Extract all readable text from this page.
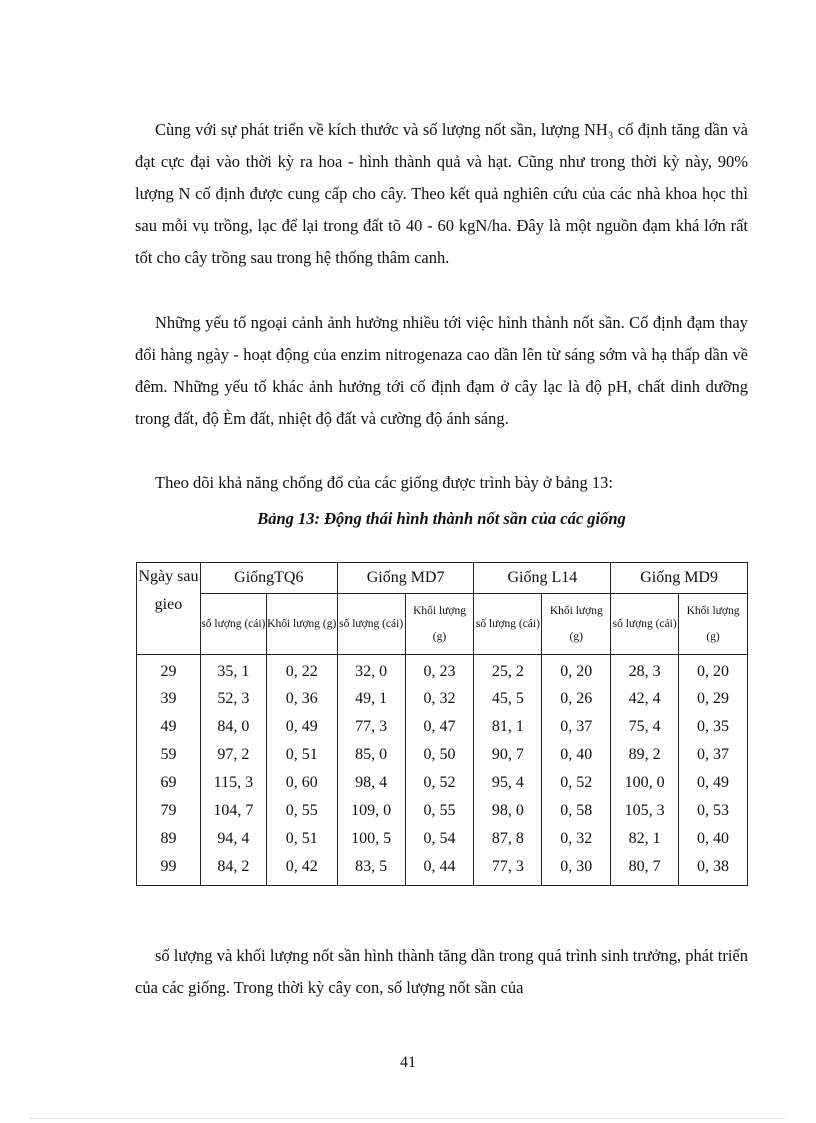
Cùng với sự phát triển về kích thước và số lượng nốt sần, lượng NH₃ cố định tăng dần và đạt cực đại vào thời kỳ ra hoa - hình thành quả và hạt. Cũng như trong thời kỳ này, 90% lượng N cố định được cung cấp cho cây. Theo kết quả nghiên cứu của các nhà khoa học thì sau mỗi vụ trồng, lạc để lại trong đất tõ 40 - 60 kgN/ha. Đây là một nguồn đạm khá lớn rất tốt cho cây trồng sau trong hệ thống thâm canh.

Những yếu tố ngoại cảnh ảnh hưởng nhiều tới việc hình thành nốt sần. Cố định đạm thay đổi hàng ngày - hoạt động của enzim nitrogenaza cao dần lên từ sáng sớm và hạ thấp dần về đêm. Những yếu tố khác ảnh hưởng tới cố định đạm ở cây lạc là độ pH, chất dinh dưỡng trong đất, độ Èm đất, nhiệt độ đất và cường độ ánh sáng.

Theo dõi khả năng chống đổ của các giống được trình bày ở bảng 13:

Bảng 13: Động thái hình thành nốt sần của các giống
Ngày sau gieo	GiốngTQ6		Giống MD7		Giống L14		Giống MD9	
	số lượng (cái)	Khối lượng (g)	số lượng (cái)	Khối lượng (g)	số lượng (cái)	Khối lượng (g)	số lượng (cái)	Khối lượng (g)
29	35, 1	0, 22	32, 0	0, 23	25, 2	0, 20	28, 3	0, 20
39	52, 3	0, 36	49, 1	0, 32	45, 5	0, 26	42, 4	0, 29
49	84, 0	0, 49	77, 3	0, 47	81, 1	0, 37	75, 4	0, 35
59	97, 2	0, 51	85, 0	0, 50	90, 7	0, 40	89, 2	0, 37
69	115, 3	0, 60	98, 4	0, 52	95, 4	0, 52	100, 0	0, 49
79	104, 7	0, 55	109, 0	0, 55	98, 0	0, 58	105, 3	0, 53
89	94, 4	0, 51	100, 5	0, 54	87, 8	0, 32	82, 1	0, 40
99	84, 2	0, 42	83, 5	0, 44	77, 3	0, 30	80, 7	0, 38

số lượng và khối lượng nốt sần hình thành tăng dần trong quá trình sinh trưởng, phát triển của các giống. Trong thời kỳ cây con, số lượng nốt sần của

41
